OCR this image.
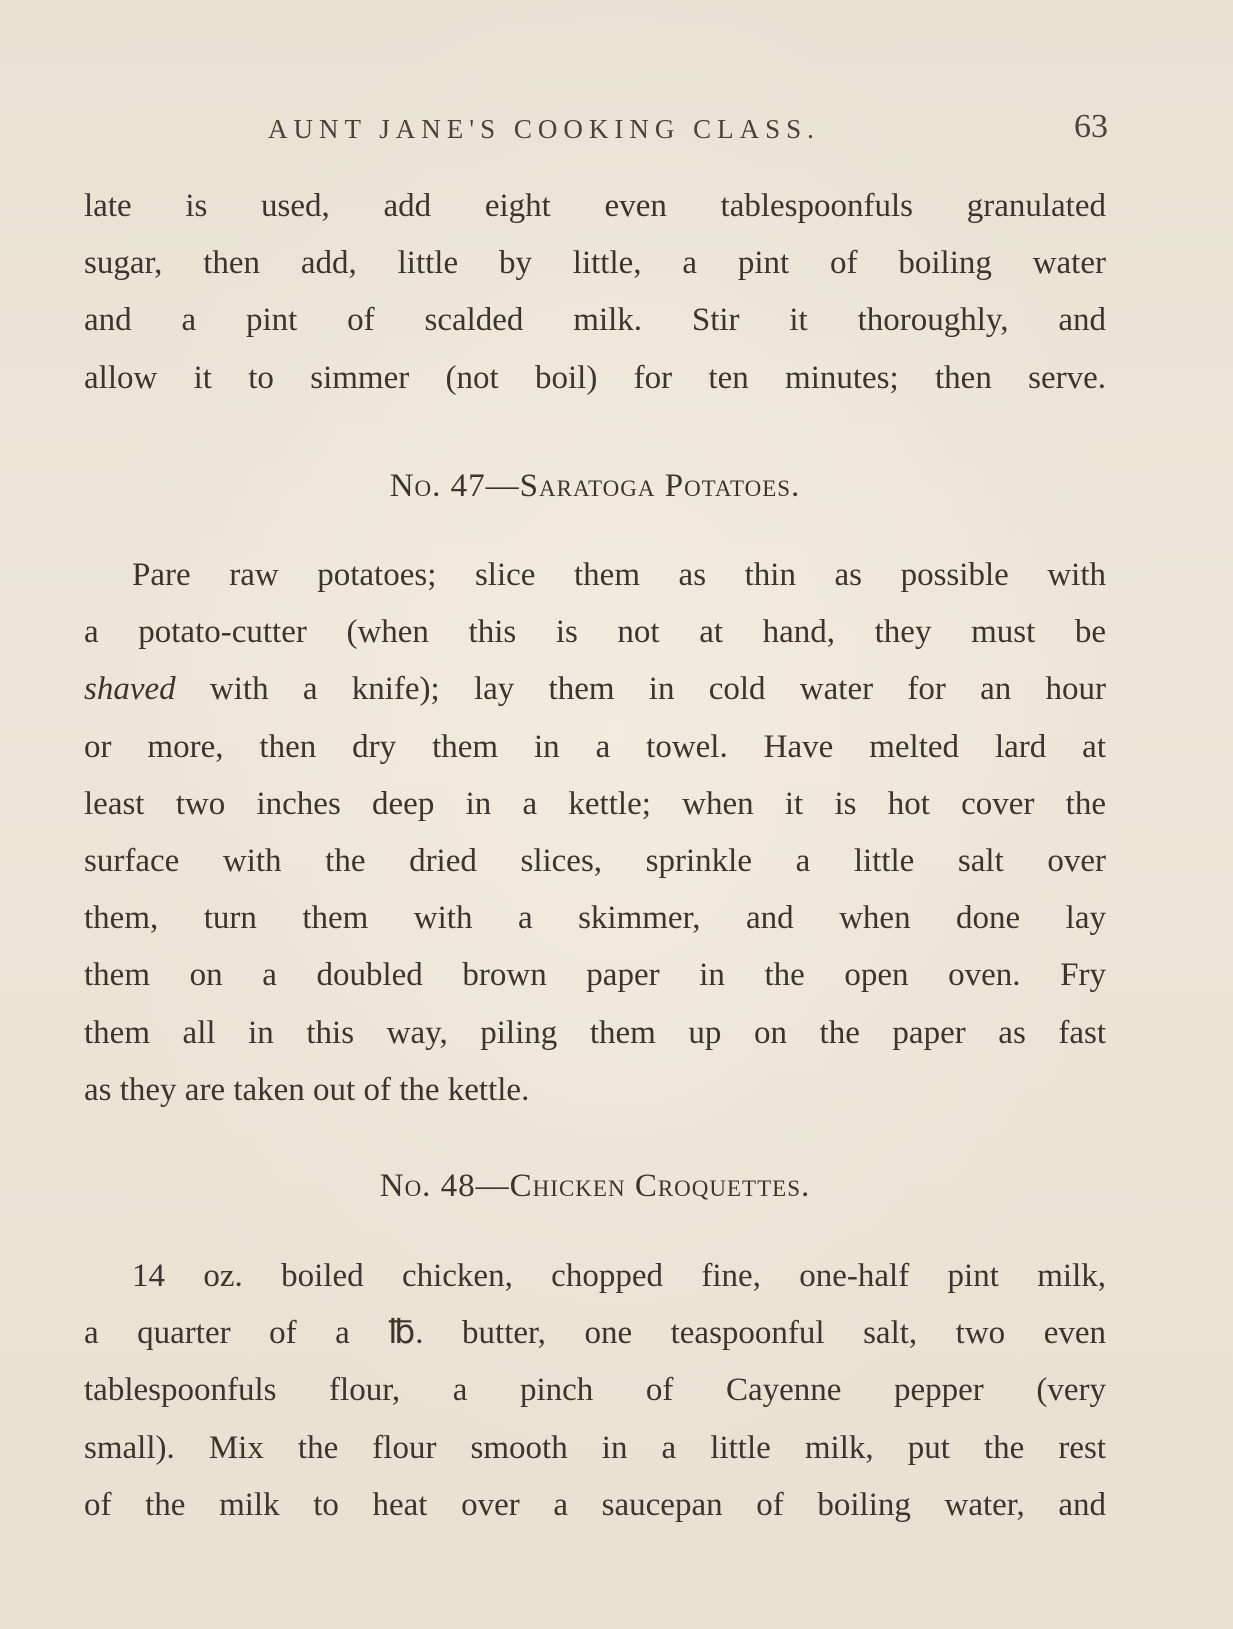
AUNT JANE'S COOKING CLASS.	63
late is used, add eight even tablespoonfuls granulated
sugar, then add, little by little, a pint of boiling water
and a pint of scalded milk. Stir it thoroughly, and
allow it to simmer (not boil) for ten minutes; then serve.
No. 47—Saratoga Potatoes.
Pare raw potatoes; slice them as thin as possible with
a potato-cutter (when this is not at hand, they must be
shaved with a knife); lay them in cold water for an hour
or more, then dry them in a towel. Have melted lard at
least two inches deep in a kettle; when it is hot cover the
surface with the dried slices, sprinkle a little salt over
them, turn them with a skimmer, and when done lay
them on a doubled brown paper in the open oven. Fry
them all in this way, piling them up on the paper as fast
as they are taken out of the kettle.
No. 48—Chicken Croquettes.
14 oz. boiled chicken, chopped fine, one-half pint milk,
a quarter of a ℔. butter, one teaspoonful salt, two even
tablespoonfuls flour, a pinch of Cayenne pepper (very
small). Mix the flour smooth in a little milk, put the rest
of the milk to heat over a saucepan of boiling water, and
